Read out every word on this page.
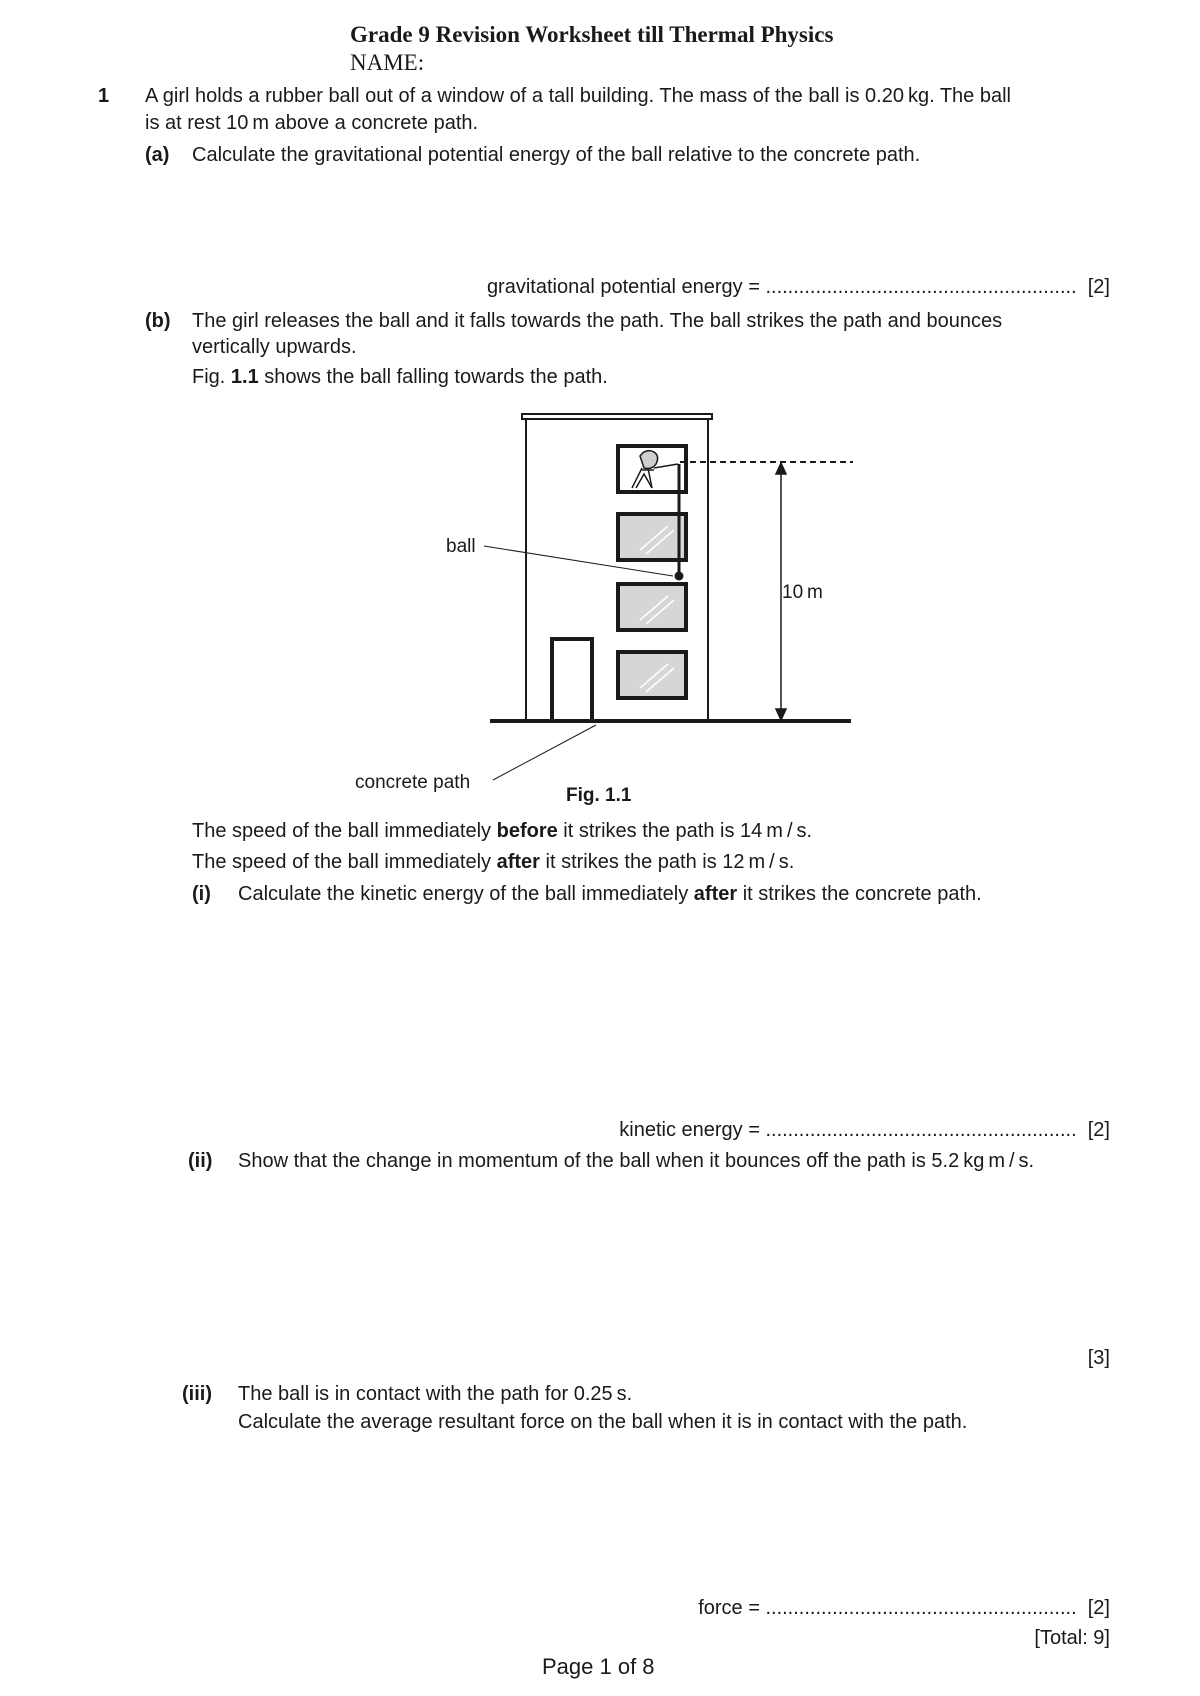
Grade 9 Revision Worksheet till Thermal Physics
NAME:
1 A girl holds a rubber ball out of a window of a tall building. The mass of the ball is 0.20 kg. The ball
is at rest 10 m above a concrete path.
(a) Calculate the gravitational potential energy of the ball relative to the concrete path.
gravitational potential energy = ........................................................ [2]
(b) The girl releases the ball and it falls towards the path. The ball strikes the path and bounces
vertically upwards.
Fig. 1.1 shows the ball falling towards the path.
10 m
ball
concrete path
Fig. 1.1
The speed of the ball immediately before it strikes the path is 14 m / s.
The speed of the ball immediately after it strikes the path is 12 m / s.
(i) Calculate the kinetic energy of the ball immediately after it strikes the concrete path.
kinetic energy = ........................................................ [2]
(ii) Show that the change in momentum of the ball when it bounces off the path is 5.2 kg m / s.
[3]
(iii) The ball is in contact with the path for 0.25 s.
Calculate the average resultant force on the ball when it is in contact with the path.
force = ........................................................ [2]
[Total: 9]
Page 1 of 8
